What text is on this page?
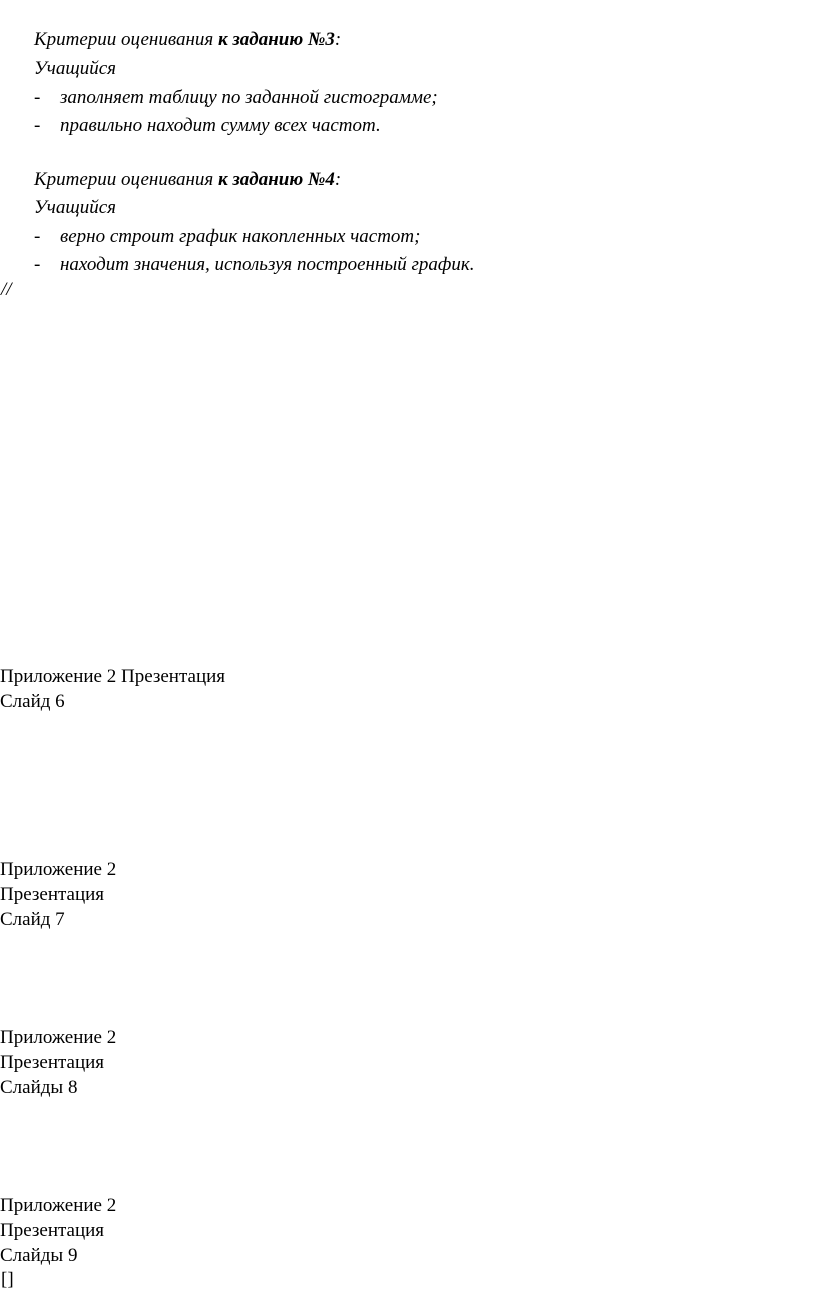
Критерии оценивания к заданию №3:
Учащийся
- заполняет таблицу по заданной гистограмме;
- правильно находит сумму всех частот.
Критерии оценивания к заданию №4:
Учащийся
- верно строит график накопленных частот;
- находит значения, используя построенный график.
//
Приложение 2 Презентация
Слайд 6
Приложение 2
Презентация
Слайд 7
Приложение 2
Презентация
Слайды 8
Приложение 2
Презентация
Слайды 9
[]
